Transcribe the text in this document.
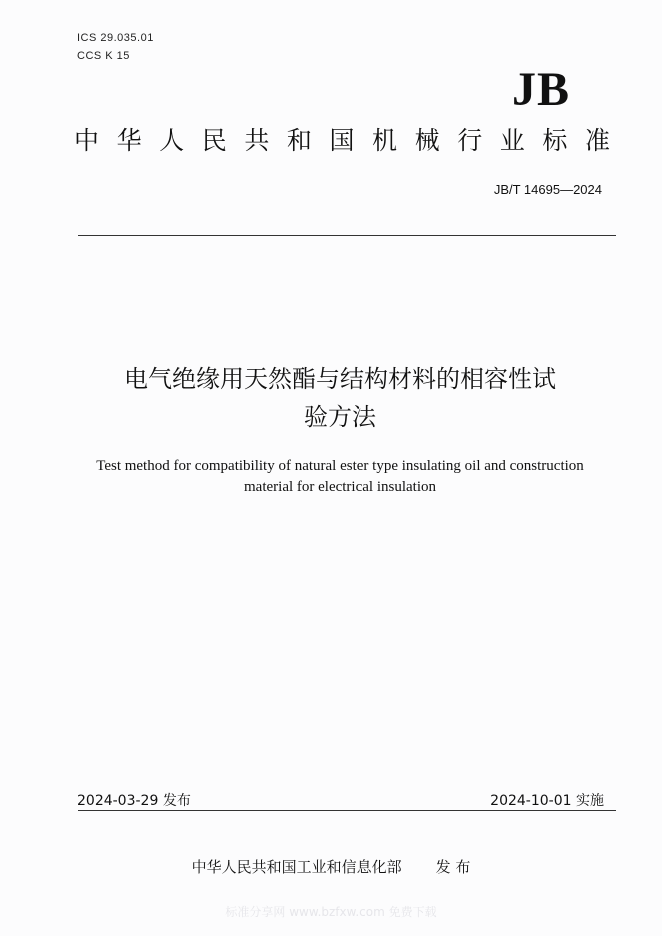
ICS 29.035.01
CCS K 15
JB
中 华 人 民 共 和 国 机 械 行 业 标 准
JB/T 14695—2024
电气绝缘用天然酯与结构材料的相容性试
验方法
Test method for compatibility of natural ester type insulating oil and construction
material for electrical insulation
2024-03-29 发布	2024-10-01 实施
中华人民共和国工业和信息化部 发 布
标准分享网 www.bzfxw.com 免费下载
